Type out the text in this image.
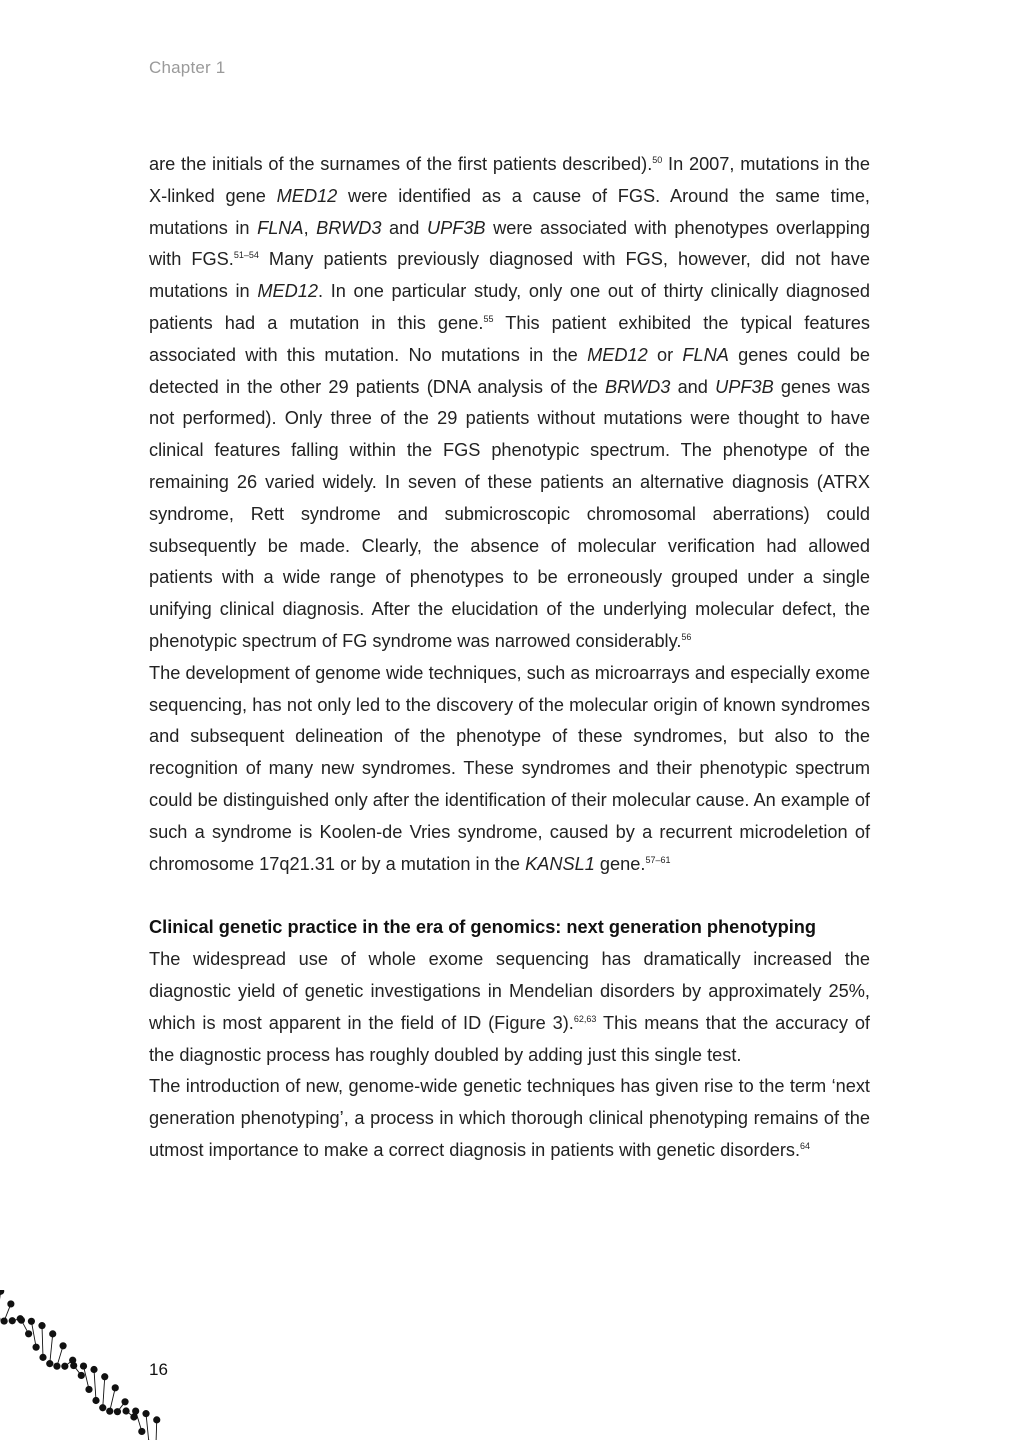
Chapter 1

are the initials of the surnames of the first patients described).$^{50}$ In 2007, mutations in the X-linked gene MED12 were identified as a cause of FGS. Around the same time, mutations in FLNA, BRWD3 and UPF3B were associated with phenotypes overlapping with FGS.$^{51-54}$ Many patients previously diagnosed with FGS, however, did not have mutations in MED12. In one particular study, only one out of thirty clinically diagnosed patients had a mutation in this gene.$^{55}$ This patient exhibited the typical features associated with this mutation. No mutations in the MED12 or FLNA genes could be detected in the other 29 patients (DNA analysis of the BRWD3 and UPF3B genes was not performed). Only three of the 29 patients without mutations were thought to have clinical features falling within the FGS phenotypic spectrum. The phenotype of the remaining 26 varied widely. In seven of these patients an alternative diagnosis (ATRX syndrome, Rett syndrome and submicroscopic chromosomal aberrations) could subsequently be made. Clearly, the absence of molecular verification had allowed patients with a wide range of phenotypes to be erroneously grouped under a single unifying clinical diagnosis. After the elucidation of the underlying molecular defect, the phenotypic spectrum of FG syndrome was narrowed considerably.$^{56}$

The development of genome wide techniques, such as microarrays and especially exome sequencing, has not only led to the discovery of the molecular origin of known syndromes and subsequent delineation of the phenotype of these syndromes, but also to the recognition of many new syndromes. These syndromes and their phenotypic spectrum could be distinguished only after the identification of their molecular cause. An example of such a syndrome is Koolen-de Vries syndrome, caused by a recurrent microdeletion of chromosome 17q21.31 or by a mutation in the KANSL1 gene.$^{57-61}$

Clinical genetic practice in the era of genomics: next generation phenotyping

The widespread use of whole exome sequencing has dramatically increased the diagnostic yield of genetic investigations in Mendelian disorders by approximately 25%, which is most apparent in the field of ID (Figure 3).$^{62,63}$ This means that the accuracy of the diagnostic process has roughly doubled by adding just this single test.

The introduction of new, genome-wide genetic techniques has given rise to the term ‘next generation phenotyping’, a process in which thorough clinical phenotyping remains of the utmost importance to make a correct diagnosis in patients with genetic disorders.$^{64}$

16
